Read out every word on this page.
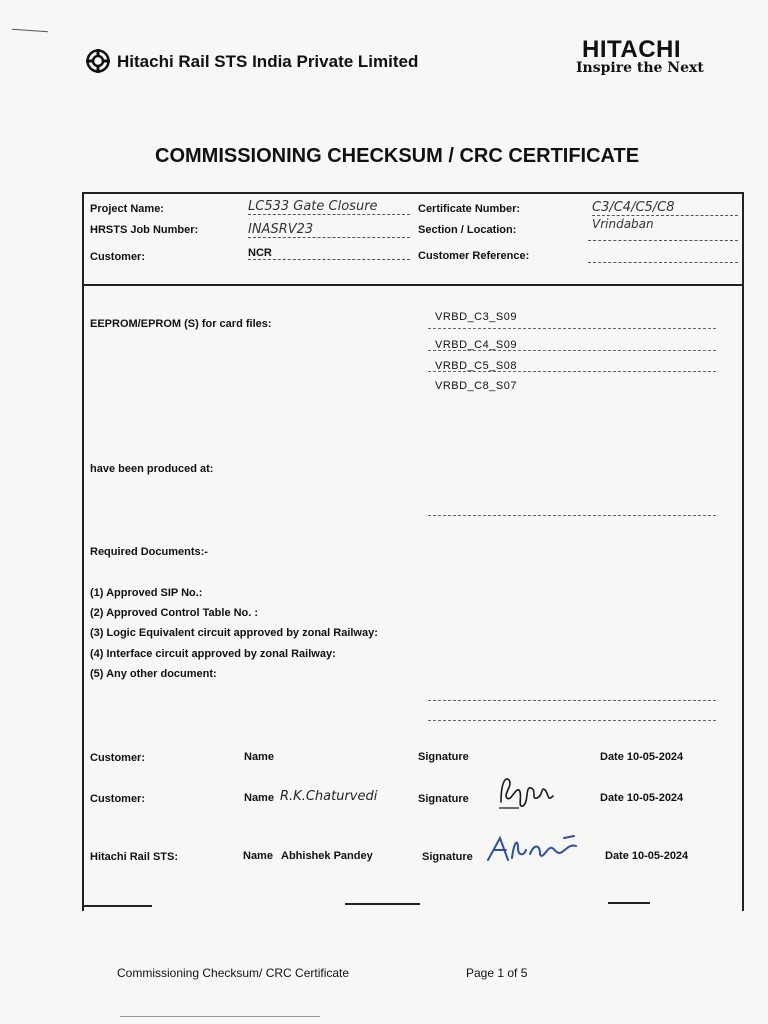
Hitachi Rail STS India Private Limited	HITACHI
Inspire the Next
COMMISSIONING CHECKSUM / CRC CERTIFICATE
Project Name:	LC533 Gate Closure
HRSTS Job Number:	INASRV23
Customer:	NCR
Certificate Number:	C3/C4/C5/C8
Section / Location:	Vrindaban
Customer Reference:
EEPROM/EPROM (S) for card files:
VRBD_C3_S09
VRBD_C4_S09
VRBD_C5_S08
VRBD_C8_S07
have been produced at:
Required Documents:-
(1) Approved SIP No.:
(2) Approved Control Table No. :
(3) Logic Equivalent circuit approved by zonal Railway:
(4) Interface circuit approved by zonal Railway:
(5) Any other document:
Customer:	Name	Signature	Date 10-05-2024
Customer:	Name R.K.Chaturvedi	Signature	Date 10-05-2024
Hitachi Rail STS:	Name Abhishek Pandey	Signature	Date 10-05-2024
Commissioning Checksum/ CRC Certificate	Page 1 of 5
